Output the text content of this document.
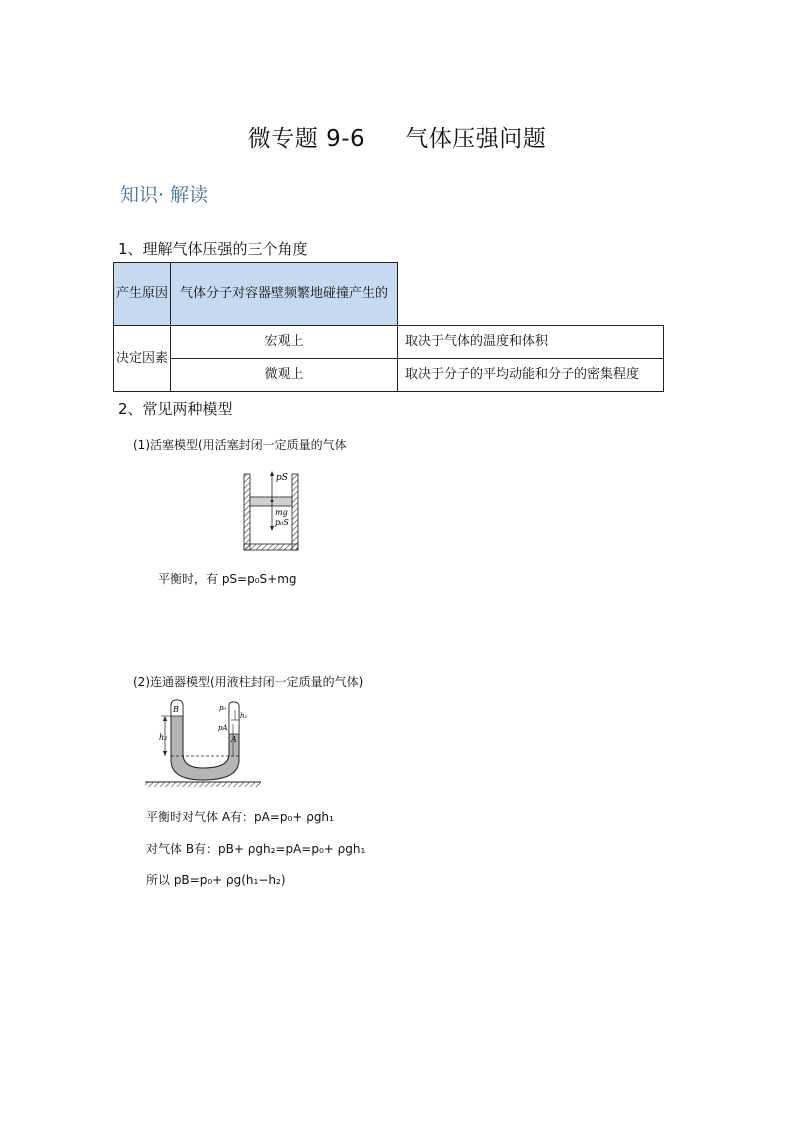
微专题 9-6 气体压强问题
知识· 解读
1、理解气体压强的三个角度
产生原因	气体分子对容器壁频繁地碰撞产生的	
决定因素	宏观上	取决于气体的温度和体积
	微观上	取决于分子的平均动能和分子的密集程度
2、常见两种模型
(1)活塞模型(用活塞封闭一定质量的气体
pS
mg
p₀S
平衡时，有 pS=p₀S+mg
(2)连通器模型(用液柱封闭一定质量的气体)
h₂
B
h₁
p₀
pA
A
平衡时对气体 A有：pA=p₀+ ρgh₁
对气体 B有：pB+ ρgh₂=pA=p₀+ ρgh₁
所以 pB=p₀+ ρg(h₁−h₂)
